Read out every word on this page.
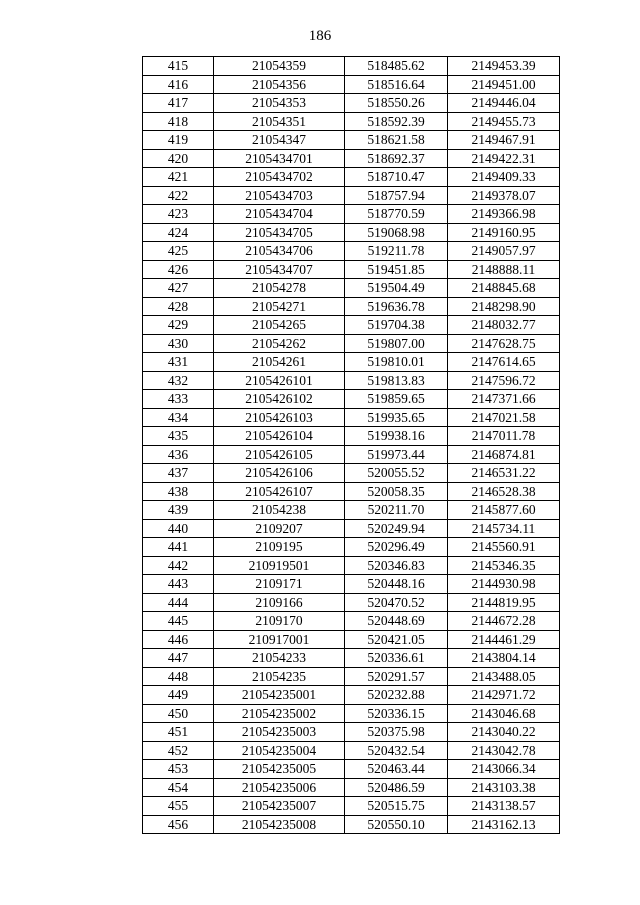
186
415	21054359	518485.62	2149453.39
416	21054356	518516.64	2149451.00
417	21054353	518550.26	2149446.04
418	21054351	518592.39	2149455.73
419	21054347	518621.58	2149467.91
420	2105434701	518692.37	2149422.31
421	2105434702	518710.47	2149409.33
422	2105434703	518757.94	2149378.07
423	2105434704	518770.59	2149366.98
424	2105434705	519068.98	2149160.95
425	2105434706	519211.78	2149057.97
426	2105434707	519451.85	2148888.11
427	21054278	519504.49	2148845.68
428	21054271	519636.78	2148298.90
429	21054265	519704.38	2148032.77
430	21054262	519807.00	2147628.75
431	21054261	519810.01	2147614.65
432	2105426101	519813.83	2147596.72
433	2105426102	519859.65	2147371.66
434	2105426103	519935.65	2147021.58
435	2105426104	519938.16	2147011.78
436	2105426105	519973.44	2146874.81
437	2105426106	520055.52	2146531.22
438	2105426107	520058.35	2146528.38
439	21054238	520211.70	2145877.60
440	2109207	520249.94	2145734.11
441	2109195	520296.49	2145560.91
442	210919501	520346.83	2145346.35
443	2109171	520448.16	2144930.98
444	2109166	520470.52	2144819.95
445	2109170	520448.69	2144672.28
446	210917001	520421.05	2144461.29
447	21054233	520336.61	2143804.14
448	21054235	520291.57	2143488.05
449	21054235001	520232.88	2142971.72
450	21054235002	520336.15	2143046.68
451	21054235003	520375.98	2143040.22
452	21054235004	520432.54	2143042.78
453	21054235005	520463.44	2143066.34
454	21054235006	520486.59	2143103.38
455	21054235007	520515.75	2143138.57
456	21054235008	520550.10	2143162.13
